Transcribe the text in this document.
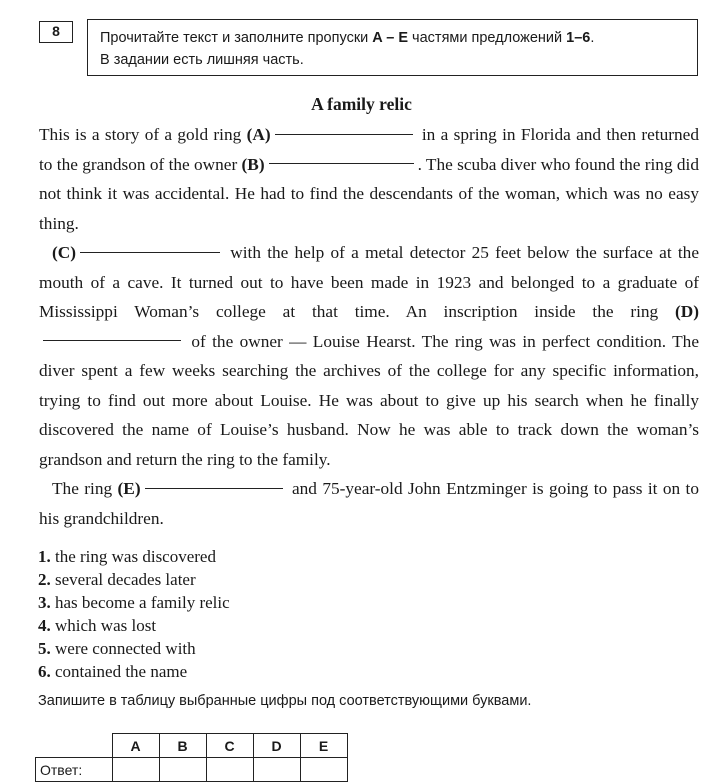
8	Прочитайте текст и заполните пропуски A – E частями предложений 1–6.
В задании есть лишняя часть.
A family relic
This is a story of a gold ring (A)	in a spring in Florida and then returned to the grandson of the owner (B)	. The scuba diver who found the ring did not think it was accidental. He had to find the descendants of the woman, which was no easy thing.
(C)	with the help of a metal detector 25 feet below the surface at the mouth of a cave. It turned out to have been made in 1923 and belonged to a graduate of Mississippi Woman’s college at that time. An inscription inside the ring (D) of the owner — Louise Hearst. The ring was in perfect condition. The diver spent a few weeks searching the archives of the college for any specific information, trying to find out more about Louise. He was about to give up his search when he finally discovered the name of Louise’s husband. Now he was able to track down the woman’s grandson and return the ring to the family.
The ring (E)	and 75-year-old John Entzminger is going to pass it on to his grandchildren.
1. the ring was discovered
2. several decades later
3. has become a family relic
4. which was lost
5. were connected with
6. contained the name
Запишите в таблицу выбранные цифры под соответствующими буквами.
	A	B	C	D	E
Ответ:					
